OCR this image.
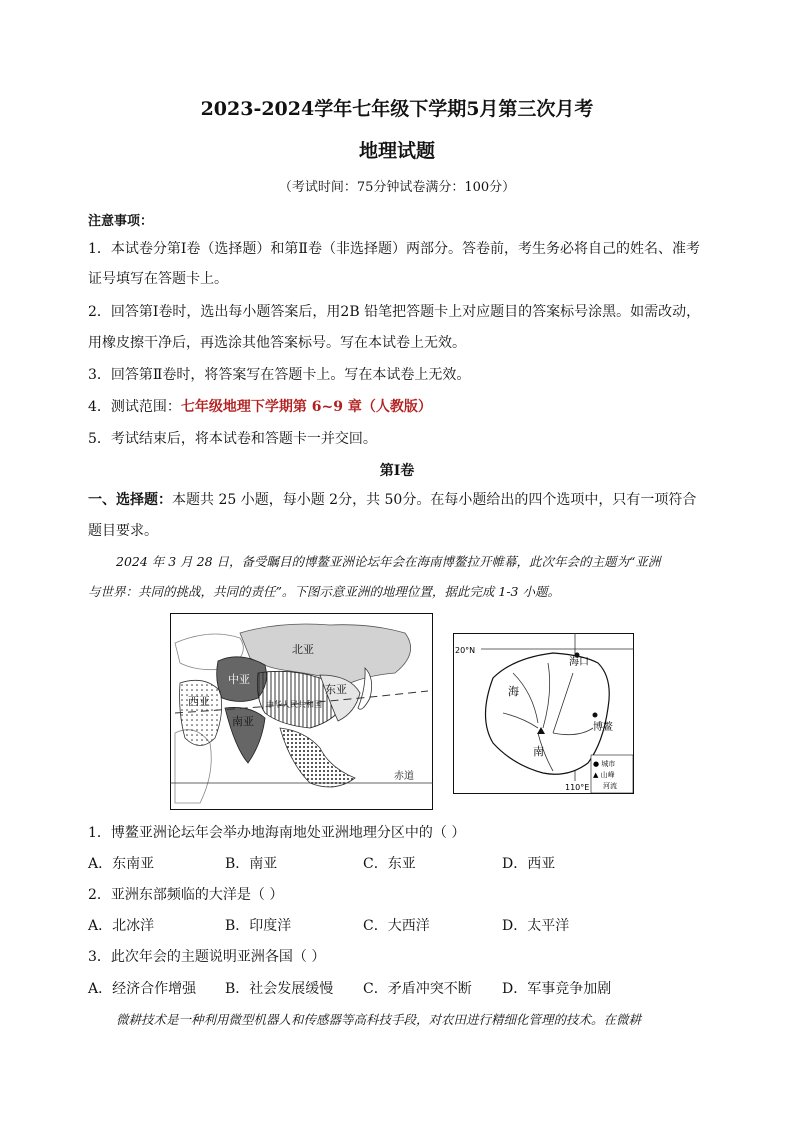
2023-2024学年七年级下学期5月第三次月考
地理试题
（考试时间：75分钟试卷满分：100分）
注意事项：
1．本试卷分第Ⅰ卷（选择题）和第Ⅱ卷（非选择题）两部分。答卷前，考生务必将自己的姓名、准考
证号填写在答题卡上。
2．回答第Ⅰ卷时，选出每小题答案后，用2B 铅笔把答题卡上对应题目的答案标号涂黑。如需改动，
用橡皮擦干净后，再选涂其他答案标号。写在本试卷上无效。
3．回答第Ⅱ卷时，将答案写在答题卡上。写在本试卷上无效。
4．测试范围：七年级地理下学期第 6~9 章（人教版）
5．考试结束后，将本试卷和答题卡一并交回。
第Ⅰ卷
一、选择题：本题共 25 小题，每小题 2分，共 50分。在每小题给出的四个选项中，只有一项符合
题目要求。
2024 年 3 月 28 日，备受瞩目的博鳌亚洲论坛年会在海南博鳌拉开帷幕，此次年会的主题为“亚洲
与世界：共同的挑战，共同的责任”。下图示意亚洲的地理位置，据此完成 1-3 小题。
北亚
中亚
西亚
东亚
中华人民共和国
南亚
赤道
20°N
110°E
海口
博鳌
海
南
● 城市
▲ 山峰
河流
1．博鳌亚洲论坛年会举办地海南地处亚洲地理分区中的（ ）
A．东南亚	B．南亚	C．东亚	D．西亚
2．亚洲东部频临的大洋是（ ）
A．北冰洋	B．印度洋	C．大西洋	D．太平洋
3．此次年会的主题说明亚洲各国（ ）
A．经济合作增强 B．社会发展缓慢 C．矛盾冲突不断 D．军事竞争加剧
微耕技术是一种利用微型机器人和传感器等高科技手段，对农田进行精细化管理的技术。在微耕
